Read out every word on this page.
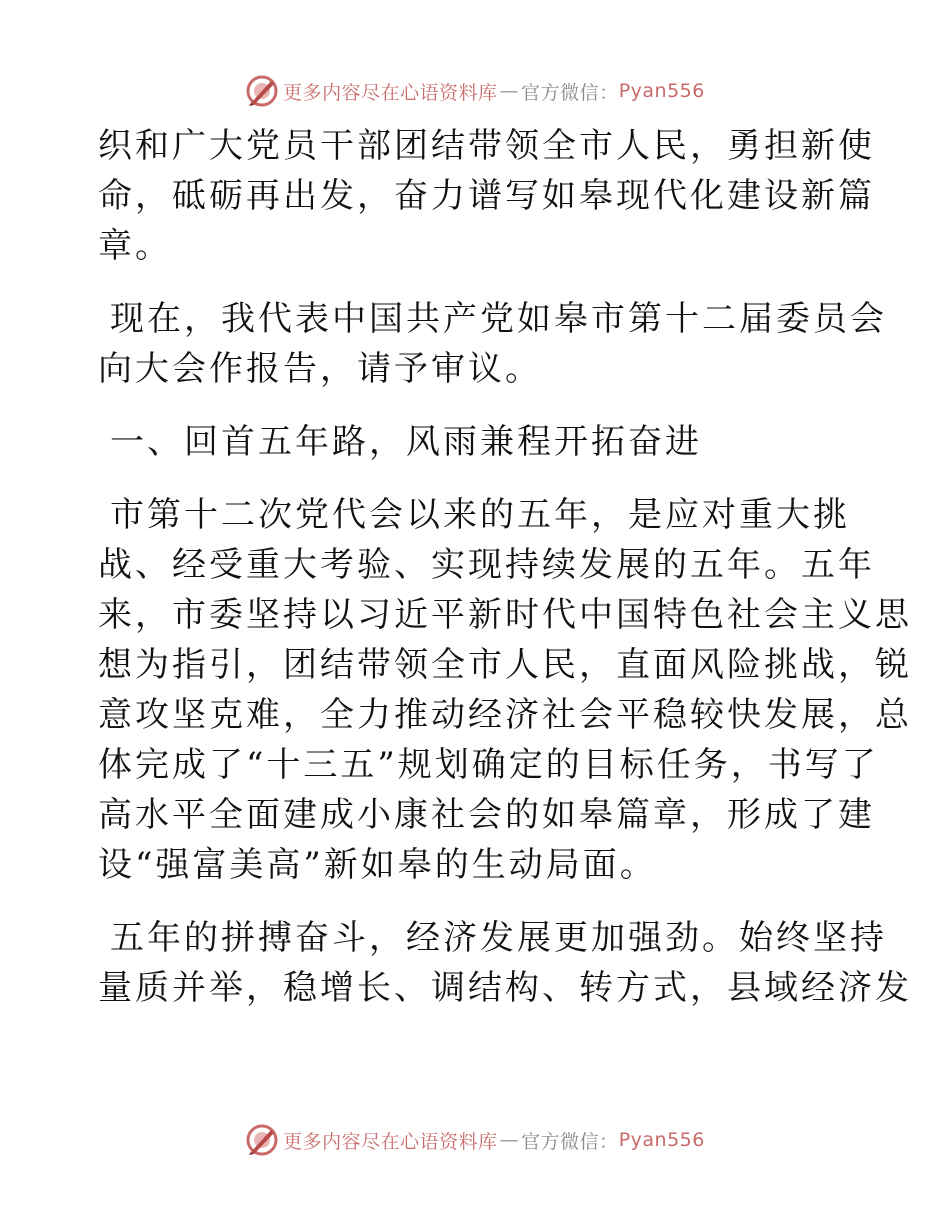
更多内容尽在心语资料库 — 官方微信： Pyan556

织和广大党员干部团结带领全市人民，勇担新使
命，砥砺再出发，奋力谱写如皋现代化建设新篇
章。

现在，我代表中国共产党如皋市第十二届委员会
向大会作报告，请予审议。

一、回首五年路，风雨兼程开拓奋进

市第十二次党代会以来的五年，是应对重大挑
战、经受重大考验、实现持续发展的五年。五年
来，市委坚持以习近平新时代中国特色社会主义思
想为指引，团结带领全市人民，直面风险挑战，锐
意攻坚克难，全力推动经济社会平稳较快发展，总
体完成了“十三五”规划确定的目标任务，书写了
高水平全面建成小康社会的如皋篇章，形成了建
设“强富美高”新如皋的生动局面。

五年的拼搏奋斗，经济发展更加强劲。始终坚持
量质并举，稳增长、调结构、转方式，县域经济发

更多内容尽在心语资料库 — 官方微信： Pyan556
